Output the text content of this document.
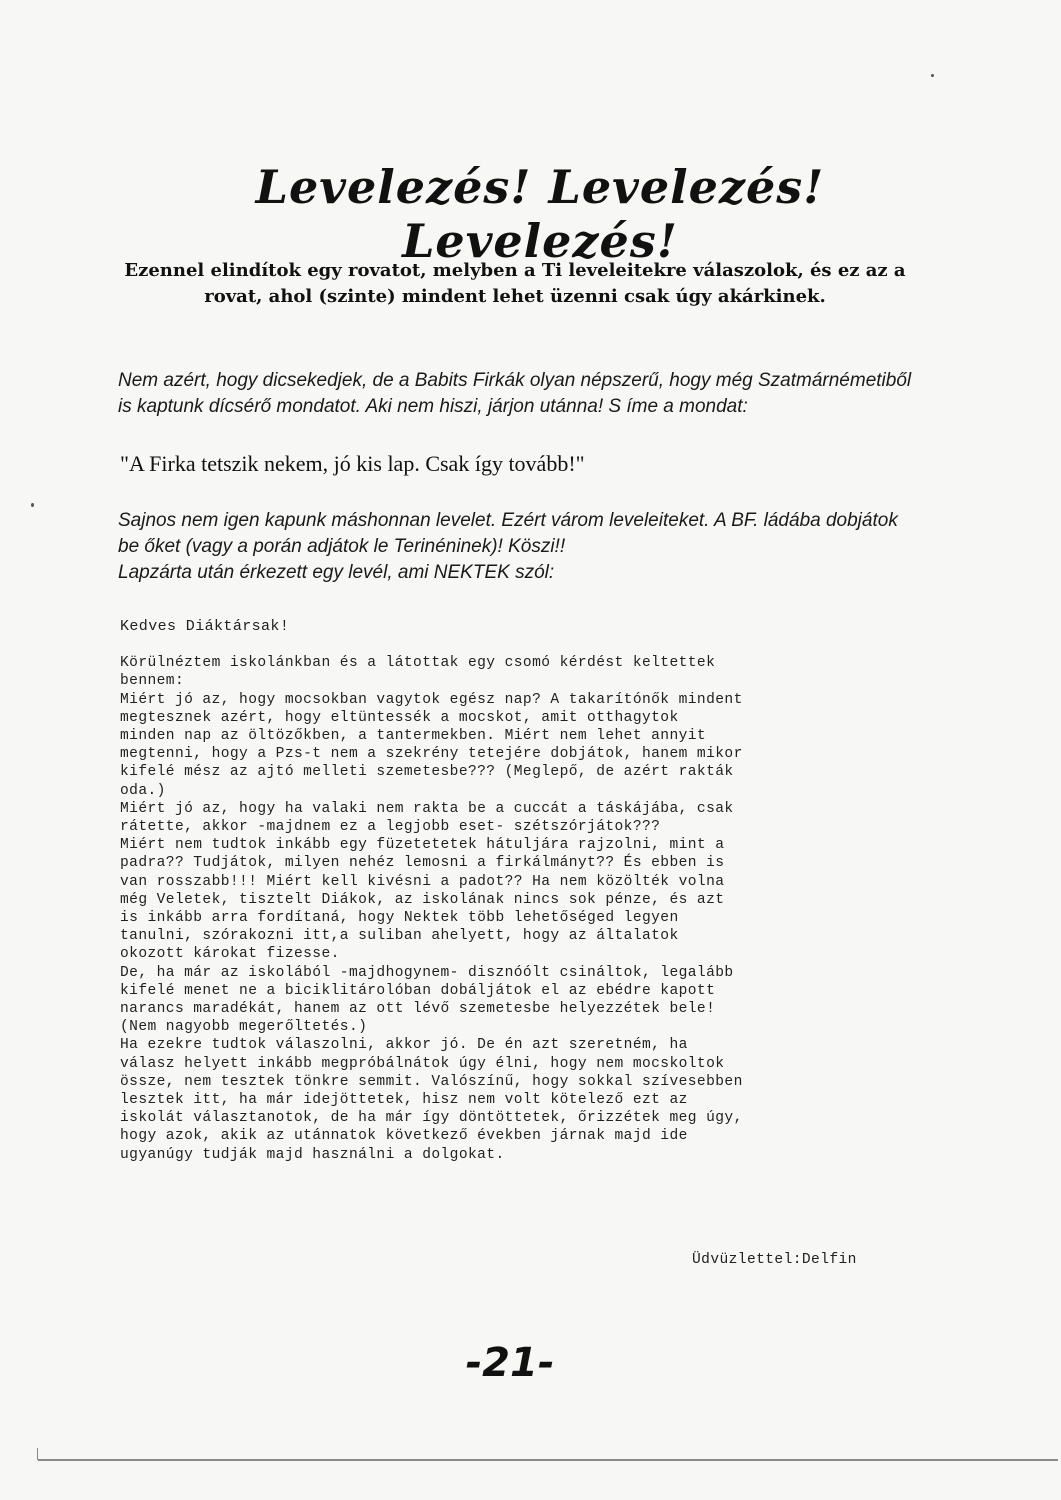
Levelezés! Levelezés! Levelezés!
Ezennel elindítok egy rovatot, melyben a Ti leveleitekre válaszolok, és ez az a rovat, ahol (szinte) mindent lehet üzenni csak úgy akárkinek.
Nem azért, hogy dicsekedjek, de a Babits Firkák olyan népszerű, hogy még Szatmárnémetiből is kaptunk dícsérő mondatot. Aki nem hiszi, járjon utánna! S íme a mondat:
"A Firka tetszik nekem, jó kis lap. Csak így tovább!"
Sajnos nem igen kapunk máshonnan levelet. Ezért várom leveleiteket. A BF. ládába dobjátok be őket (vagy a porán adjátok le Terinéninek)! Köszi!!
Lapzárta után érkezett egy levél, ami NEKTEK szól:
Kedves Diáktársak!
Körülnéztem iskolánkban és a látottak egy csomó kérdést keltettek
bennem:
Miért jó az, hogy mocsokban vagytok egész nap? A takarítónők mindent
megtesznek azért, hogy eltüntessék a mocskot, amit otthagytok
minden nap az öltözőkben, a tantermekben. Miért nem lehet annyit
megtenni, hogy a Pzs-t nem a szekrény tetejére dobjátok, hanem mikor
kifelé mész az ajtó melleti szemetesbe??? (Meglepő, de azért rakták
oda.)
Miért jó az, hogy ha valaki nem rakta be a cuccát a táskájába, csak
rátette, akkor -majdnem ez a legjobb eset- szétszórjátok???
Miért nem tudtok inkább egy füzetetetek hátuljára rajzolni, mint a
padra?? Tudjátok, milyen nehéz lemosni a firkálmányt?? És ebben is
van rosszabb!!! Miért kell kivésni a padot?? Ha nem közölték volna
még Veletek, tisztelt Diákok, az iskolának nincs sok pénze, és azt
is inkább arra fordítaná, hogy Nektek több lehetőséged legyen
tanulni, szórakozni itt,a suliban ahelyett, hogy az általatok
okozott károkat fizesse.
De, ha már az iskolából -majdhogynem- disznóólt csináltok, legalább
kifelé menet ne a biciklitárolóban dobáljátok el az ebédre kapott
narancs maradékát, hanem az ott lévő szemetesbe helyezzétek bele!
(Nem nagyobb megerőltetés.)
Ha ezekre tudtok válaszolni, akkor jó. De én azt szeretném, ha
válasz helyett inkább megpróbálnátok úgy élni, hogy nem mocskoltok
össze, nem tesztek tönkre semmit. Valószínű, hogy sokkal szívesebben
lesztek itt, ha már idejöttetek, hisz nem volt kötelező ezt az
iskolát választanotok, de ha már így döntöttetek, őrizzétek meg úgy,
hogy azok, akik az utánnatok következő években járnak majd ide
ugyanúgy tudják majd használni a dolgokat.
Üdvüzlettel:Delfin
-21-
